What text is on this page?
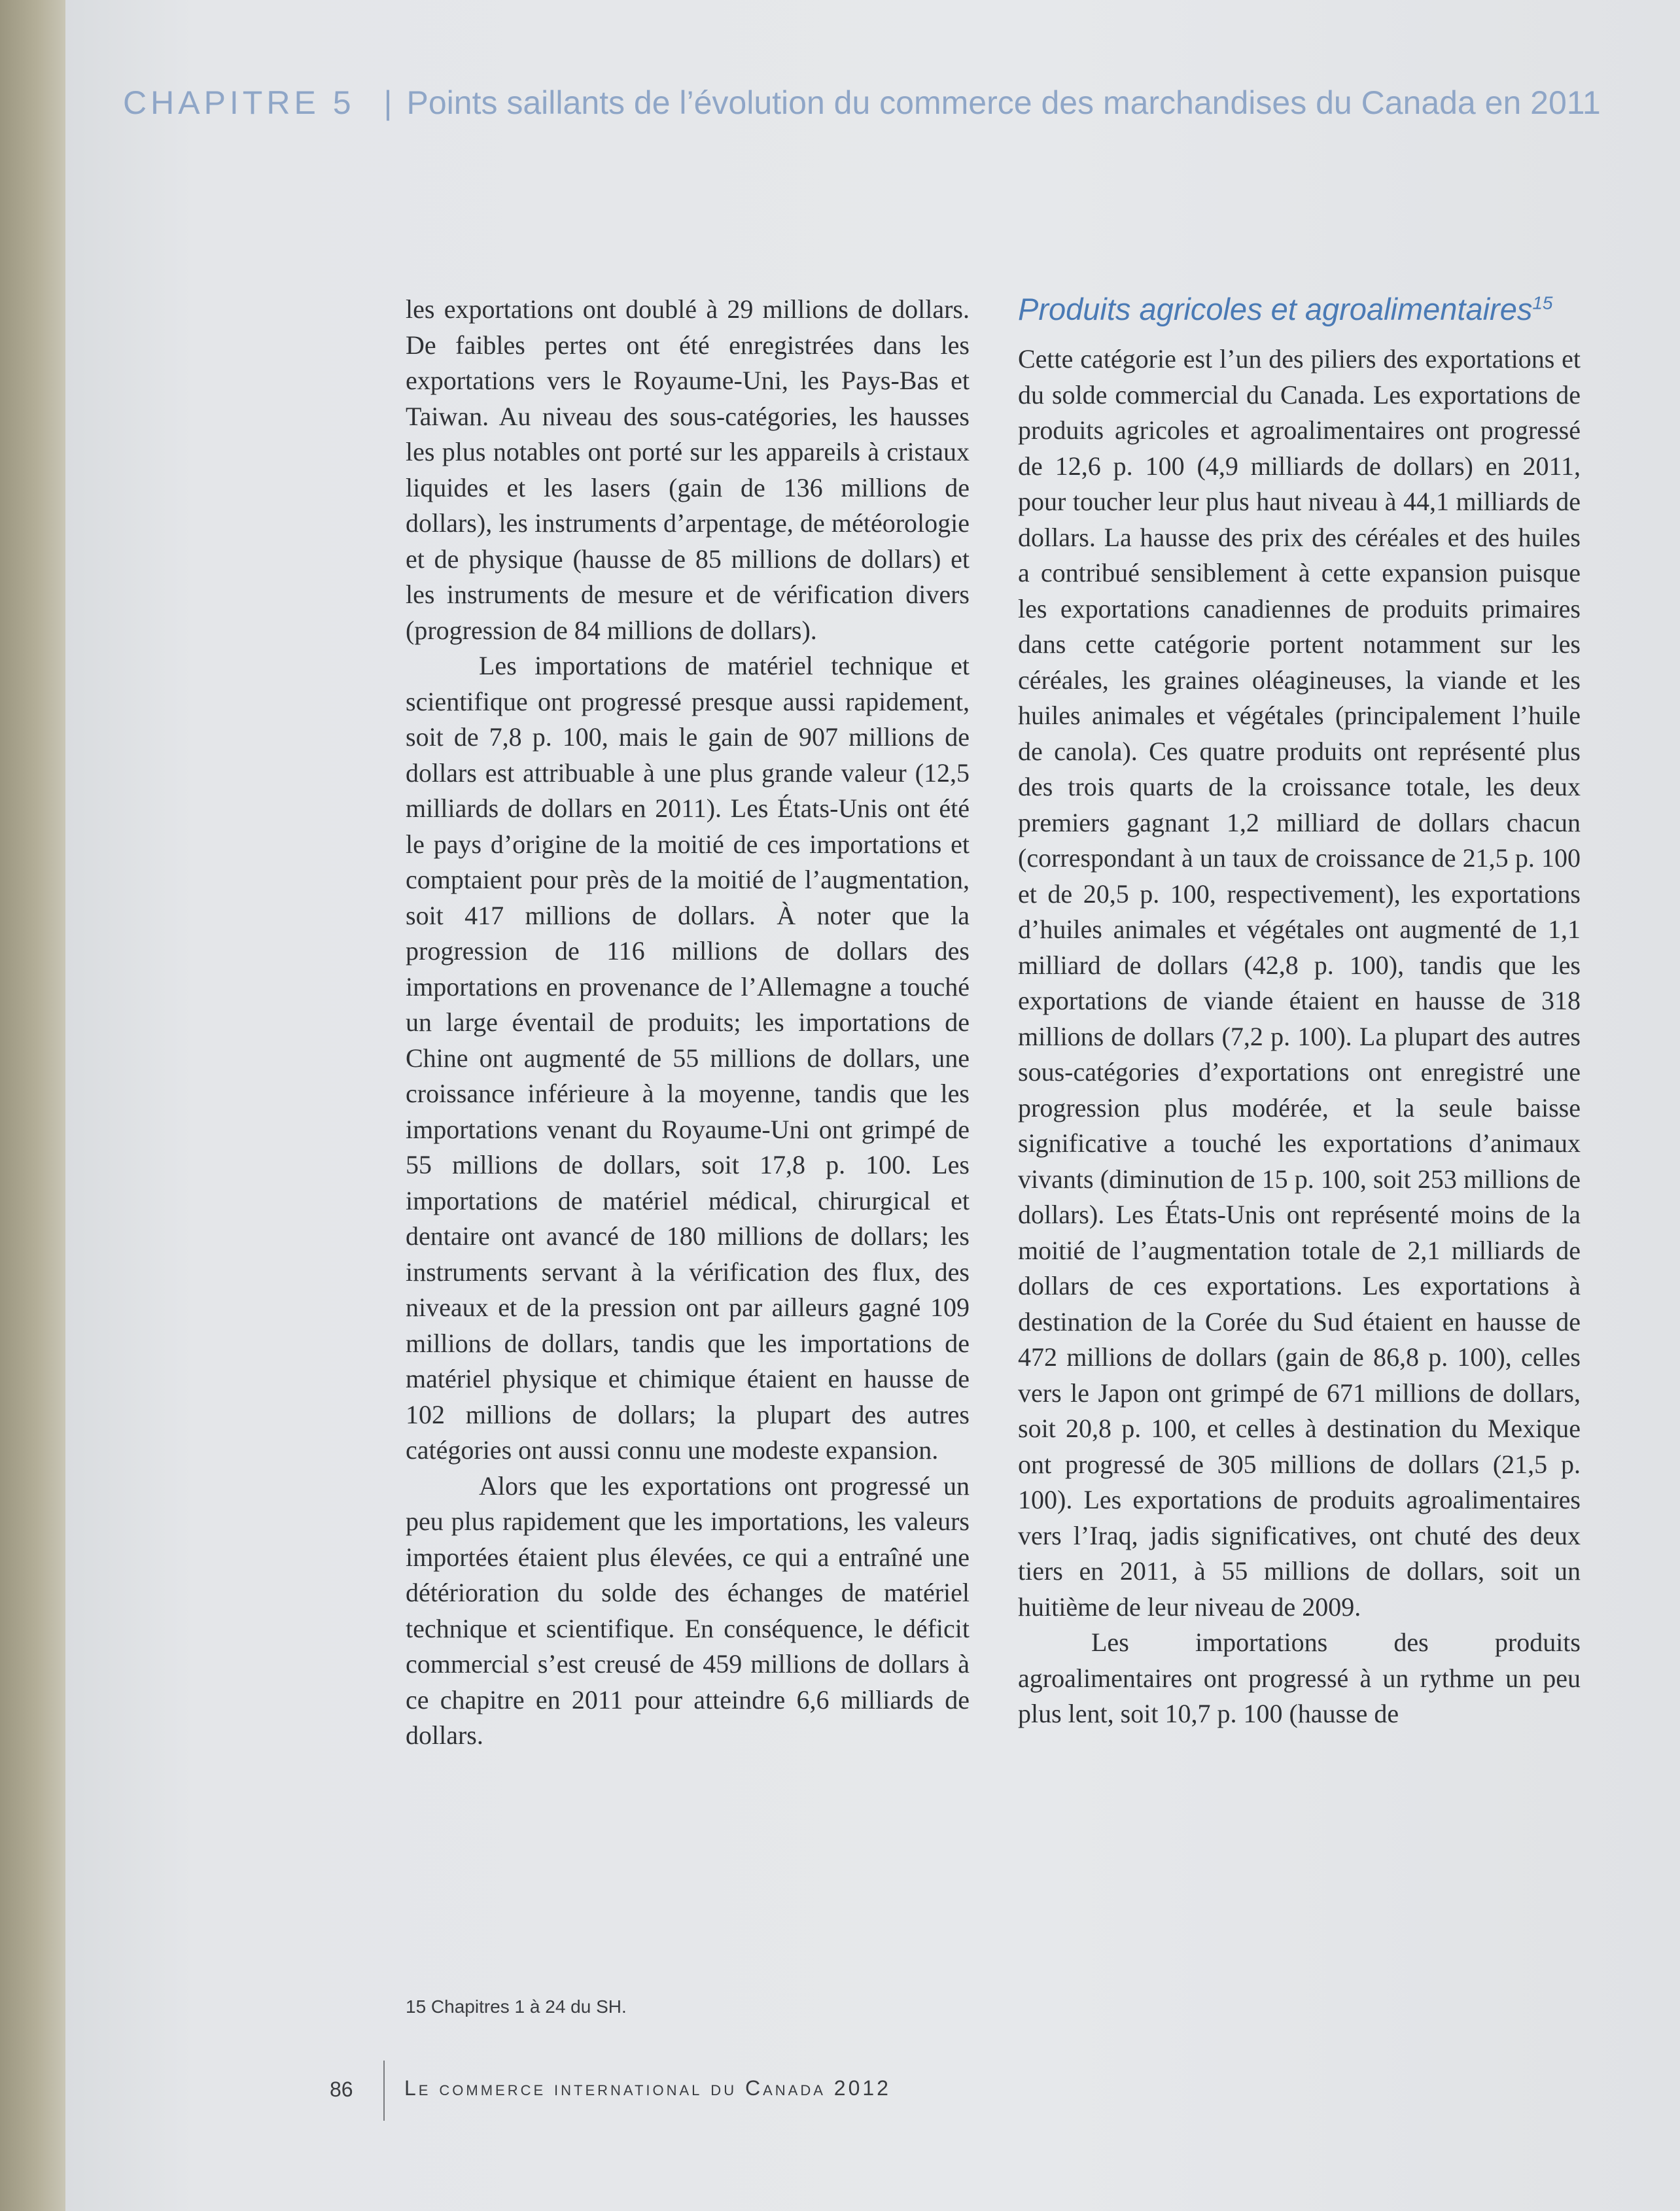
CHAPITRE 5 | Points saillants de l’évolution du commerce des marchandises du Canada en 2011

les exportations ont doublé à 29 millions de dollars. De faibles pertes ont été enregistrées dans les exportations vers le Royaume-Uni, les Pays-Bas et Taiwan. Au niveau des sous-catégories, les hausses les plus notables ont porté sur les appareils à cristaux liquides et les lasers (gain de 136 millions de dollars), les instruments d’arpentage, de météorologie et de physique (hausse de 85 millions de dollars) et les instruments de mesure et de vérification divers (progression de 84 millions de dollars).

Les importations de matériel technique et scientifique ont progressé presque aussi rapidement, soit de 7,8 p. 100, mais le gain de 907 millions de dollars est attribuable à une plus grande valeur (12,5 milliards de dollars en 2011). Les États-Unis ont été le pays d’origine de la moitié de ces importations et comptaient pour près de la moitié de l’augmentation, soit 417 millions de dollars. À noter que la progression de 116 millions de dollars des importations en provenance de l’Allemagne a touché un large éventail de produits; les importations de Chine ont augmenté de 55 millions de dollars, une croissance inférieure à la moyenne, tandis que les importations venant du Royaume-Uni ont grimpé de 55 millions de dollars, soit 17,8 p. 100. Les importations de matériel médical, chirurgical et dentaire ont avancé de 180 millions de dollars; les instruments servant à la vérification des flux, des niveaux et de la pression ont par ailleurs gagné 109 millions de dollars, tandis que les importations de matériel physique et chimique étaient en hausse de 102 millions de dollars; la plupart des autres catégories ont aussi connu une modeste expansion.

Alors que les exportations ont progressé un peu plus rapidement que les importations, les valeurs importées étaient plus élevées, ce qui a entraîné une détérioration du solde des échanges de matériel technique et scientifique. En conséquence, le déficit commercial s’est creusé de 459 millions de dollars à ce chapitre en 2011 pour atteindre 6,6 milliards de dollars.

Produits agricoles et agroalimentaires$^{15}$

Cette catégorie est l’un des piliers des exportations et du solde commercial du Canada. Les exportations de produits agricoles et agroalimentaires ont progressé de 12,6 p. 100 (4,9 milliards de dollars) en 2011, pour toucher leur plus haut niveau à 44,1 milliards de dollars. La hausse des prix des céréales et des huiles a contribué sensiblement à cette expansion puisque les exportations canadiennes de produits primaires dans cette catégorie portent notamment sur les céréales, les graines oléagineuses, la viande et les huiles animales et végétales (principalement l’huile de canola). Ces quatre produits ont représenté plus des trois quarts de la croissance totale, les deux premiers gagnant 1,2 milliard de dollars chacun (correspondant à un taux de croissance de 21,5 p. 100 et de 20,5 p. 100, respectivement), les exportations d’huiles animales et végétales ont augmenté de 1,1 milliard de dollars (42,8 p. 100), tandis que les exportations de viande étaient en hausse de 318 millions de dollars (7,2 p. 100). La plupart des autres sous-catégories d’exportations ont enregistré une progression plus modérée, et la seule baisse significative a touché les exportations d’animaux vivants (diminution de 15 p. 100, soit 253 millions de dollars). Les États-Unis ont représenté moins de la moitié de l’augmentation totale de 2,1 milliards de dollars de ces exportations. Les exportations à destination de la Corée du Sud étaient en hausse de 472 millions de dollars (gain de 86,8 p. 100), celles vers le Japon ont grimpé de 671 millions de dollars, soit 20,8 p. 100, et celles à destination du Mexique ont progressé de 305 millions de dollars (21,5 p. 100). Les exportations de produits agroalimentaires vers l’Iraq, jadis significatives, ont chuté des deux tiers en 2011, à 55 millions de dollars, soit un huitième de leur niveau de 2009.

Les importations des produits agroalimentaires ont progressé à un rythme un peu plus lent, soit 10,7 p. 100 (hausse de

15 Chapitres 1 à 24 du SH.
86 Le commerce international du Canada 2012
